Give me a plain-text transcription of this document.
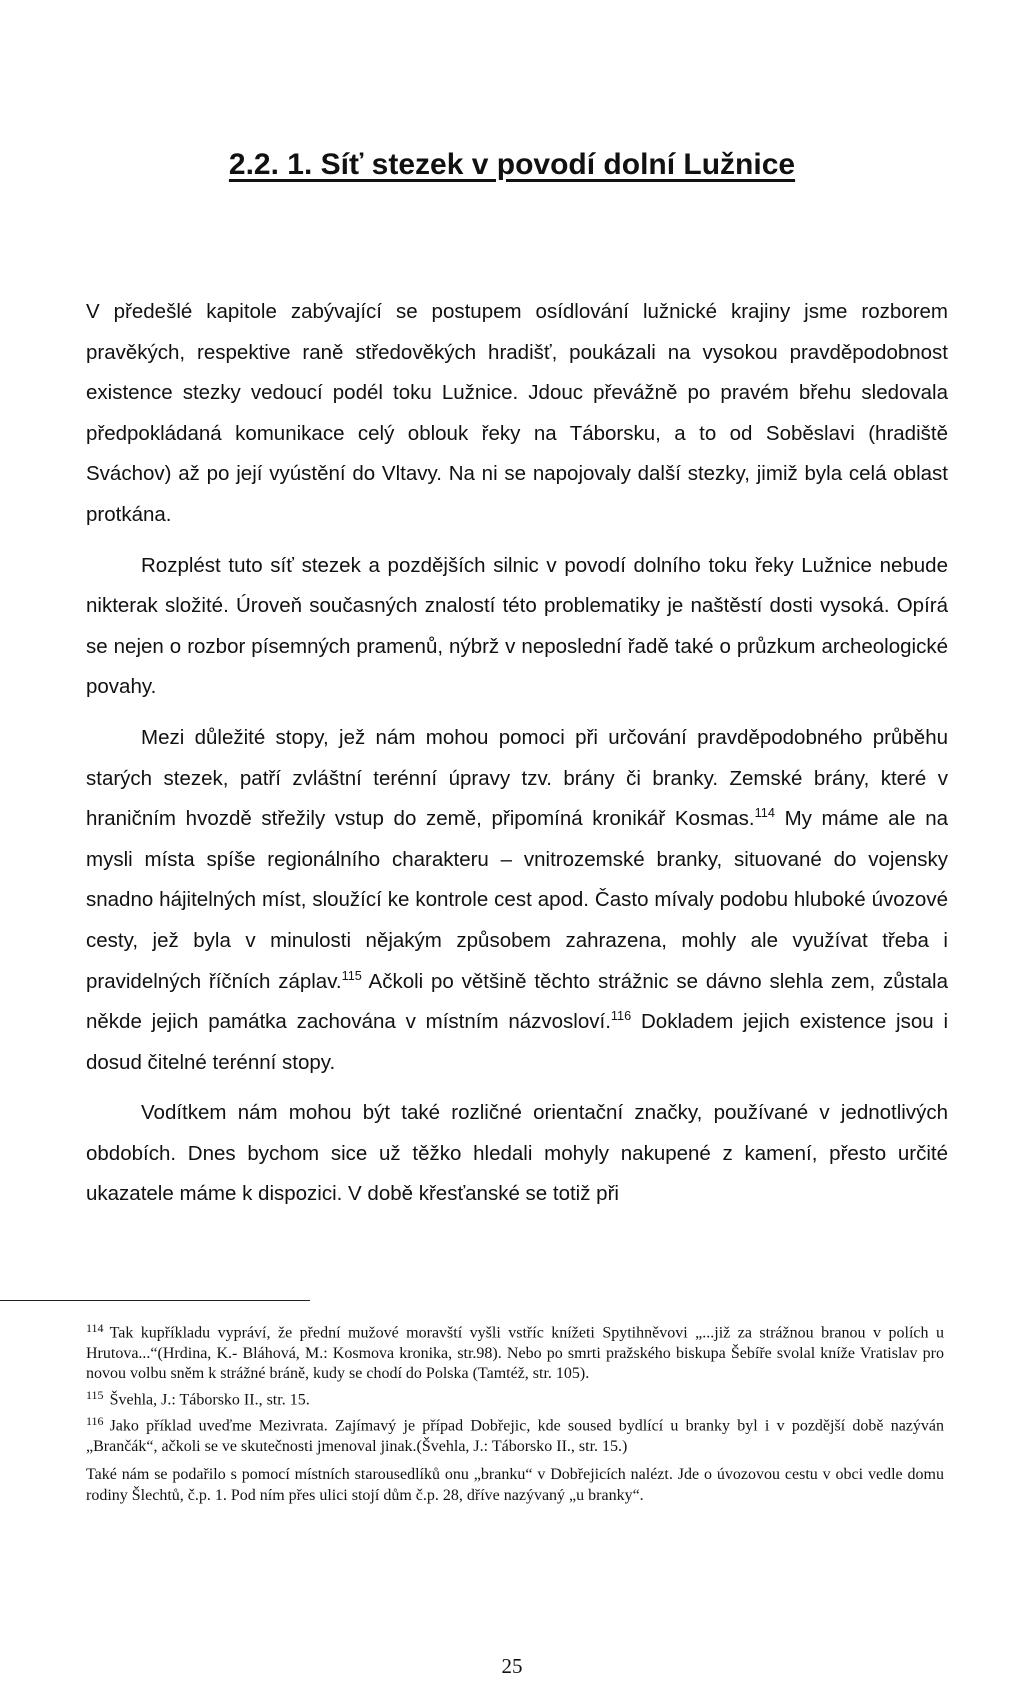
2.2. 1. Síť stezek v povodí dolní Lužnice

V předešlé kapitole zabývající se postupem osídlování lužnické krajiny jsme rozborem pravěkých, respektive raně středověkých hradišť, poukázali na vysokou pravděpodobnost existence stezky vedoucí podél toku Lužnice. Jdouc převážně po pravém břehu sledovala předpokládaná komunikace celý oblouk řeky na Táborsku, a to od Soběslavi (hradiště Sváchov) až po její vyústění do Vltavy. Na ni se napojovaly další stezky, jimiž byla celá oblast protkána.

Rozplést tuto síť stezek a pozdějších silnic v povodí dolního toku řeky Lužnice nebude nikterak složité. Úroveň současných znalostí této problematiky je naštěstí dosti vysoká. Opírá se nejen o rozbor písemných pramenů, nýbrž v neposlední řadě také o průzkum archeologické povahy.

Mezi důležité stopy, jež nám mohou pomoci při určování pravděpodobného průběhu starých stezek, patří zvláštní terénní úpravy tzv. brány či branky. Zemské brány, které v hraničním hvozdě střežily vstup do země, připomíná kronikář Kosmas.$^{114}$ My máme ale na mysli místa spíše regionálního charakteru – vnitrozemské branky, situované do vojensky snadno hájitelných míst, sloužící ke kontrole cest apod. Často mívaly podobu hluboké úvozové cesty, jež byla v minulosti nějakým způsobem zahrazena, mohly ale využívat třeba i pravidelných říčních záplav.$^{115}$ Ačkoli po většině těchto strážnic se dávno slehla zem, zůstala někde jejich památka zachována v místním názvosloví.$^{116}$ Dokladem jejich existence jsou i dosud čitelné terénní stopy.

Vodítkem nám mohou být také rozličné orientační značky, používané v jednotlivých obdobích. Dnes bychom sice už těžko hledali mohyly nakupené z kamení, přesto určité ukazatele máme k dispozici. V době křesťanské se totiž při

$^{114}$ Tak kupříkladu vypráví, že přední mužové moravští vyšli vstříc knížeti Spytihněvovi „...již za strážnou branou v polích u Hrutova...“(Hrdina, K.- Bláhová, M.: Kosmova kronika, str.98). Nebo po smrti pražského biskupa Šebíře svolal kníže Vratislav pro novou volbu sněm k strážné bráně, kudy se chodí do Polska (Tamtéž, str. 105).

$^{115}$ Švehla, J.: Táborsko II., str. 15.

$^{116}$ Jako příklad uveďme Mezivrata. Zajímavý je případ Dobřejic, kde soused bydlící u branky byl i v pozdější době nazýván „Brančák“, ačkoli se ve skutečnosti jmenoval jinak.(Švehla, J.: Táborsko II., str. 15.)

Také nám se podařilo s pomocí místních starousedlíků onu „branku“ v Dobřejicích nalézt. Jde o úvozovou cestu v obci vedle domu rodiny Šlechtů, č.p. 1. Pod ním přes ulici stojí dům č.p. 28, dříve nazývaný „u branky“.

25
